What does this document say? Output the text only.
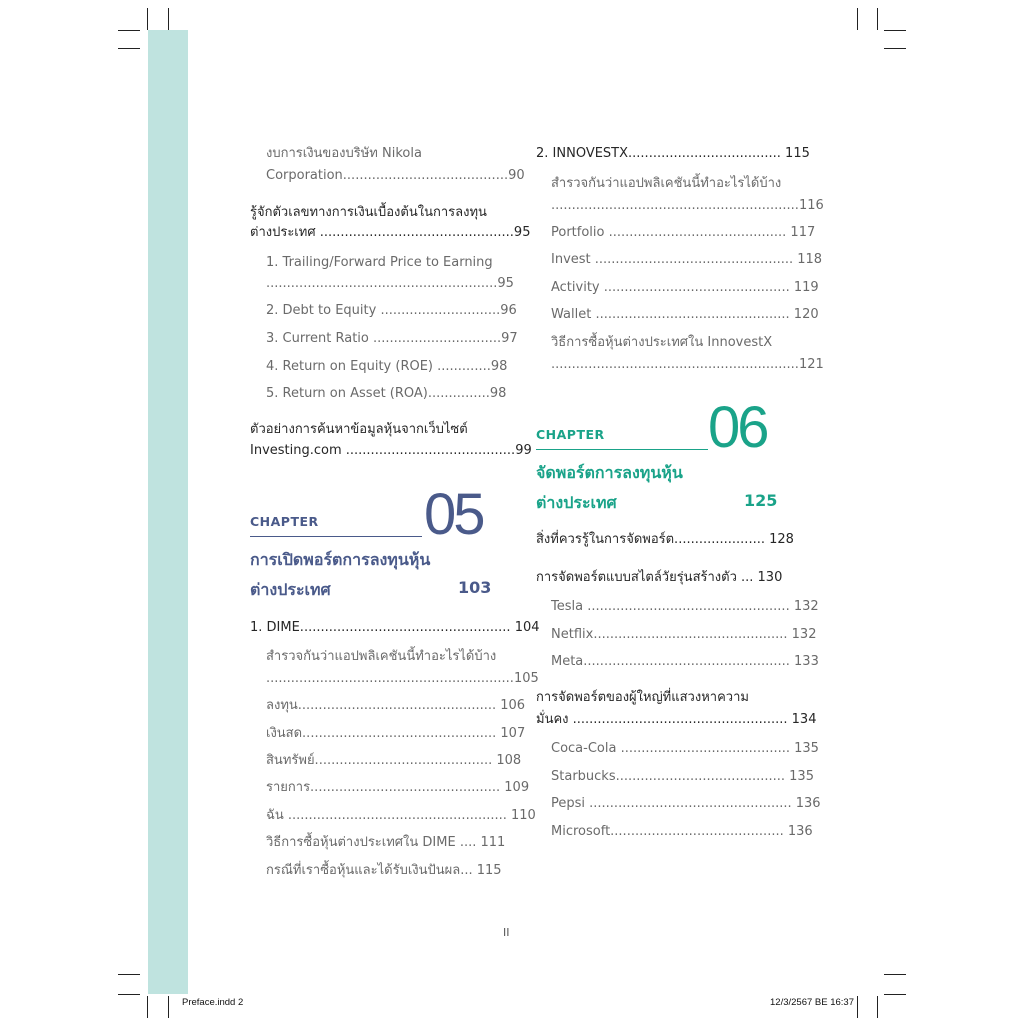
งบการเงินของบริษัท Nikola
Corporation........................................90
รู้จักตัวเลขทางการเงินเบื้องต้นในการลงทุน
ต่างประเทศ ...............................................95
1. Trailing/Forward Price to Earning
........................................................95
2. Debt to Equity .............................96
3. Current Ratio ...............................97
4. Return on Equity (ROE) .............98
5. Return on Asset (ROA)...............98
ตัวอย่างการค้นหาข้อมูลหุ้นจากเว็บไซต์
Investing.com .........................................99
CHAPTER 05
การเปิดพอร์ตการลงทุนหุ้น
ต่างประเทศ	103
1. DIME................................................... 104
สำรวจกันว่าแอปพลิเคชันนี้ทำอะไรได้บ้าง
............................................................105
ลงทุน................................................ 106
เงินสด............................................... 107
สินทรัพย์........................................... 108
รายการ.............................................. 109
ฉัน ..................................................... 110
วิธีการซื้อหุ้นต่างประเทศใน DIME .... 111
กรณีที่เราซื้อหุ้นและได้รับเงินปันผล... 115
2. INNOVESTX..................................... 115
สำรวจกันว่าแอปพลิเคชันนี้ทำอะไรได้บ้าง
............................................................116
Portfolio ........................................... 117
Invest ................................................ 118
Activity ............................................. 119
Wallet ............................................... 120
วิธีการซื้อหุ้นต่างประเทศใน InnovestX
............................................................121
CHAPTER 06
จัดพอร์ตการลงทุนหุ้น
ต่างประเทศ	125
สิ่งที่ควรรู้ในการจัดพอร์ต...................... 128
การจัดพอร์ตแบบสไตล์วัยรุ่นสร้างตัว ... 130
Tesla ................................................. 132
Netflix............................................... 132
Meta.................................................. 133
การจัดพอร์ตของผู้ใหญ่ที่แสวงหาความ
มั่นคง .................................................... 134
Coca-Cola ......................................... 135
Starbucks......................................... 135
Pepsi ................................................. 136
Microsoft.......................................... 136
II
Preface.indd 2	12/3/2567 BE 16:37
